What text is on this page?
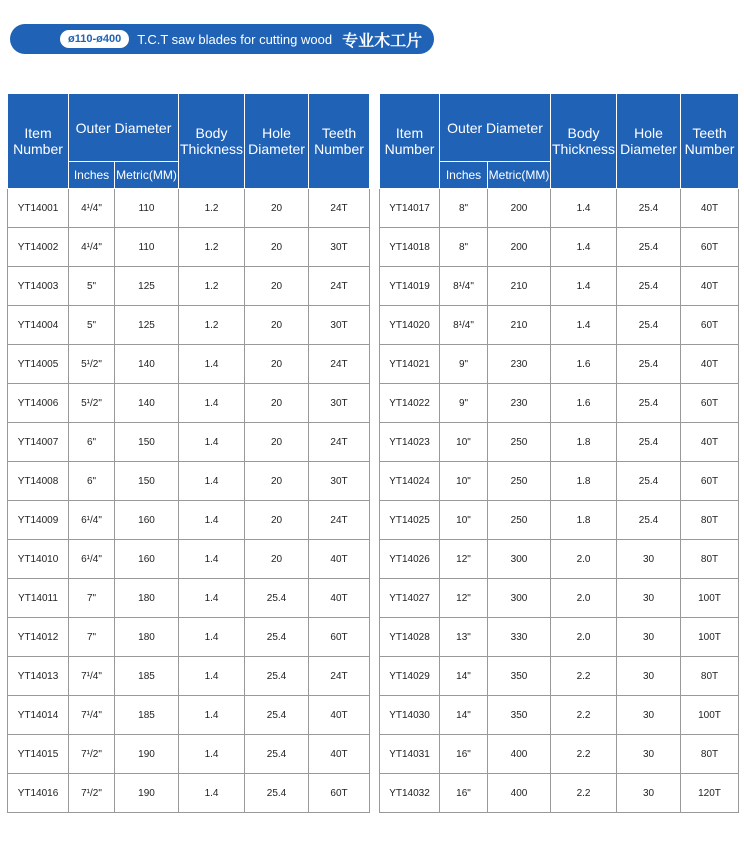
ø110-ø400	T.C.T saw blades for cutting wood 专业木工片
Item Number	Outer Diameter		Body Thickness	Hole Diameter	Teeth Number
	Inches	Metric(MM)			
YT14001	4¹/4"	110	1.2	20	24T
YT14002	4¹/4"	110	1.2	20	30T
YT14003	5"	125	1.2	20	24T
YT14004	5"	125	1.2	20	30T
YT14005	5¹/2"	140	1.4	20	24T
YT14006	5¹/2"	140	1.4	20	30T
YT14007	6"	150	1.4	20	24T
YT14008	6"	150	1.4	20	30T
YT14009	6¹/4"	160	1.4	20	24T
YT14010	6¹/4"	160	1.4	20	40T
YT14011	7"	180	1.4	25.4	40T
YT14012	7"	180	1.4	25.4	60T
YT14013	7¹/4"	185	1.4	25.4	24T
YT14014	7¹/4"	185	1.4	25.4	40T
YT14015	7¹/2"	190	1.4	25.4	40T
YT14016	7¹/2"	190	1.4	25.4	60T
Item Number	Outer Diameter		Body Thickness	Hole Diameter	Teeth Number
	Inches	Metric(MM)			
YT14017	8"	200	1.4	25.4	40T
YT14018	8"	200	1.4	25.4	60T
YT14019	8¹/4"	210	1.4	25.4	40T
YT14020	8¹/4"	210	1.4	25.4	60T
YT14021	9"	230	1.6	25.4	40T
YT14022	9"	230	1.6	25.4	60T
YT14023	10"	250	1.8	25.4	40T
YT14024	10"	250	1.8	25.4	60T
YT14025	10"	250	1.8	25.4	80T
YT14026	12"	300	2.0	30	80T
YT14027	12"	300	2.0	30	100T
YT14028	13"	330	2.0	30	100T
YT14029	14"	350	2.2	30	80T
YT14030	14"	350	2.2	30	100T
YT14031	16"	400	2.2	30	80T
YT14032	16"	400	2.2	30	120T
